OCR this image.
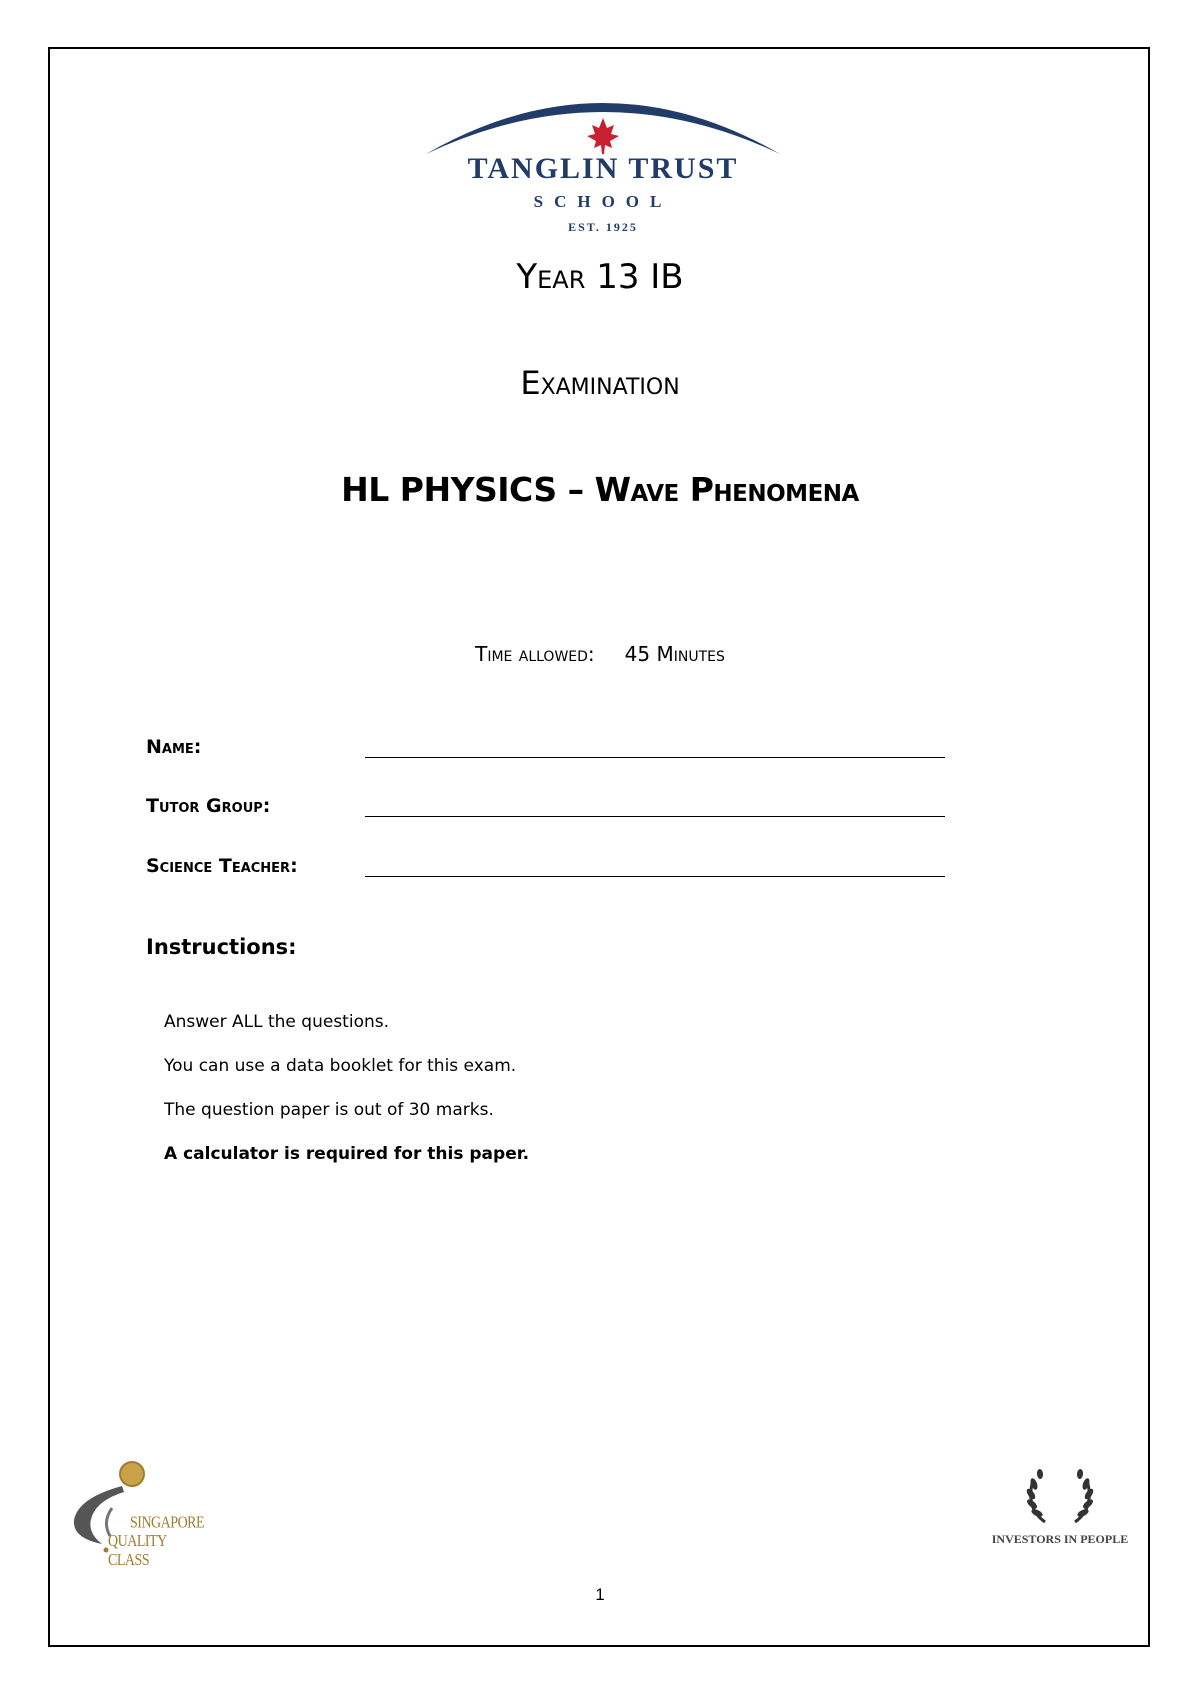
TANGLIN TRUST
SCHOOL
EST. 1925
Year 13 IB
Examination
HL PHYSICS – Wave Phenomena
Time allowed: 45 Minutes
Name:
Tutor Group:
Science Teacher:
Instructions:
Answer ALL the questions.
You can use a data booklet for this exam.
The question paper is out of 30 marks.
A calculator is required for this paper.
SINGAPORE
QUALITY CLASS
INVESTORS IN PEOPLE
1
